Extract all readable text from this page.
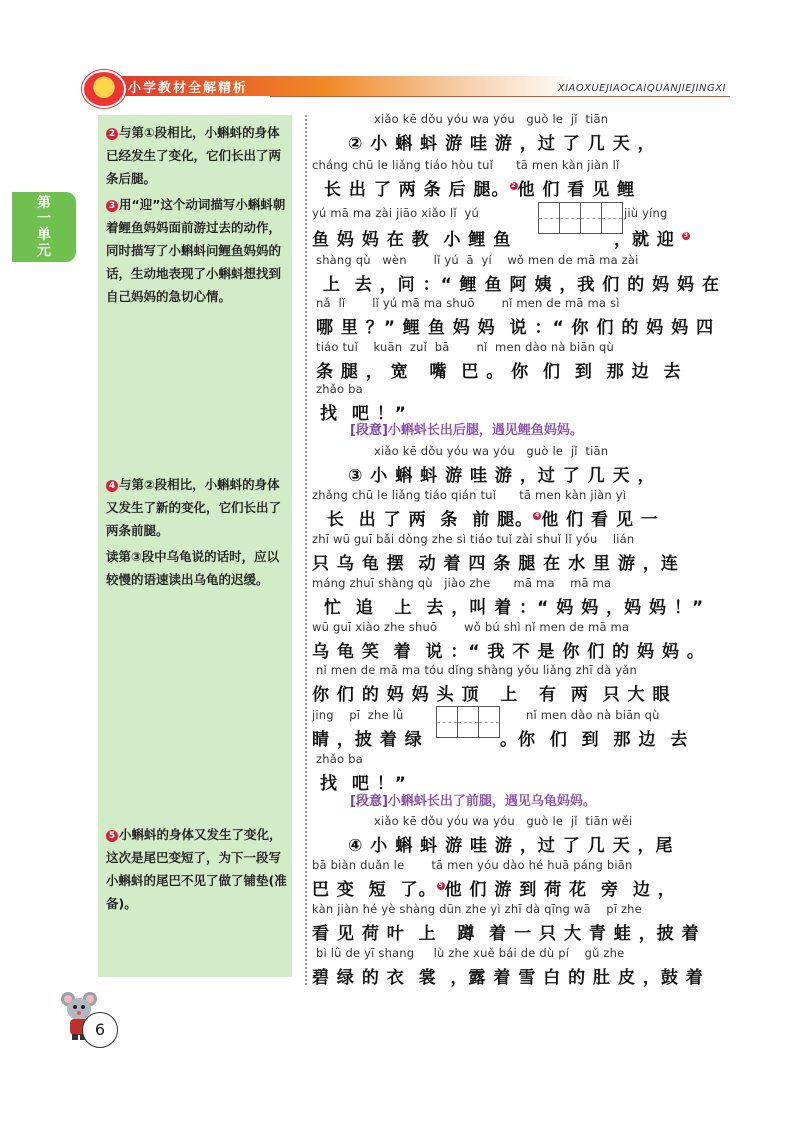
小学教材全解精析	XIAOXUEJIAOCAIQUANJIEJINGXI
第一单元
2 与第①段相比，小蝌蚪的身体已经发生了变化，它们长出了两条后腿。
3 用“迎”这个动词描写小蝌蚪朝着鲤鱼妈妈面前游过去的动作，同时描写了小蝌蚪问鲤鱼妈妈的话，生动地表现了小蝌蚪想找到自己妈妈的急切心情。
4 与第②段相比，小蝌蚪的身体又发生了新的变化，它们长出了两条前腿。
读第③段中乌龟说的话时，应以较慢的语速读出乌龟的迟缓。
5 小蝌蚪的身体又发生了变化，这次是尾巴变短了，为下一段写小蝌蚪的尾巴不见了做了铺垫(准备)。
xiǎo kē dǒu yóu wa yóu   guò le  jǐ  tiān
② 小 蝌 蚪 游 哇 游 ，过 了 几 天 ，
cháng chū le liǎng tiáo hòu tuǐ      tā men kàn jiàn lǐ
长 出 了 两 条 后 腿。 2 他 们 看 见 鲤
yú mā ma zài jiāo xiǎo lǐ  yú	jiù yíng
鱼 妈 妈 在 教  小 鲤 鱼	，就 迎 3
shàng qù   wèn       lǐ yú  ā  yí    wǒ men de mā ma zài
上  去 ，问 ：“ 鲤 鱼 阿 姨 ，我 们 的 妈 妈 在
nǎ  lǐ       lǐ yú mā ma shuō       nǐ men de mā ma sì
哪 里 ？” 鲤 鱼 妈 妈  说 ：“ 你 们 的 妈 妈 四
tiáo tuǐ    kuān  zuǐ  bā       nǐ  men dào nà biān qù
条 腿 ， 宽   嘴  巴 。 你  们  到  那 边  去
zhǎo ba
找  吧 ！”
[段意]小蝌蚪长出后腿，遇见鲤鱼妈妈。
xiǎo kē dǒu yóu wa yóu   guò le  jǐ  tiān
③ 小 蝌 蚪 游 哇 游 ，过 了 几 天 ，
zhǎng chū le liǎng tiáo qián tuǐ      tā men kàn jiàn yì
长  出 了 两  条  前 腿。 4 他 们 看 见 一
zhī wū guī bǎi dòng zhe sì tiáo tuǐ zài shuǐ lǐ yóu    lián
只 乌 龟 摆  动 着 四 条 腿 在 水 里 游 ，连
máng zhuī shàng qù   jiào zhe      mā ma    mā ma
忙  追   上  去 ，叫 着 ：“ 妈 妈 ，妈 妈 ！”
wū guī xiào zhe shuō       wǒ bú shì nǐ men de mā ma
乌 龟 笑  着  说 ：“ 我 不 是 你 们 的 妈 妈 。
nǐ men de mā ma tóu dǐng shàng yǒu liǎng zhī dà yǎn
你 们 的 妈 妈 头 顶   上   有  两  只 大 眼
jing    pī  zhe lǜ	nǐ men dào nà biān qù
睛 ，披 着 绿	。你  们  到  那 边  去
zhǎo ba
找  吧 ！”
[段意]小蝌蚪长出了前腿，遇见乌龟妈妈。
xiǎo kē dǒu yóu wa yóu   guò le  jǐ  tiān wěi
④ 小 蝌 蚪 游 哇 游 ，过 了 几 天 ，尾
bā biàn duǎn le       tā men yóu dào hé huā páng biān
巴 变  短  了。 5 他 们 游 到 荷 花  旁  边 ，
kàn jiàn hé yè shàng dūn zhe yì zhī dà qīng wā    pī zhe
看 见 荷 叶  上   蹲  着 一 只 大 青 蛙 ，披 着
bì lǜ de yī shang     lù zhe xuě bái de dù pí    gǔ zhe
碧 绿 的 衣  裳  ，露 着 雪 白 的 肚 皮 ，鼓 着
6
